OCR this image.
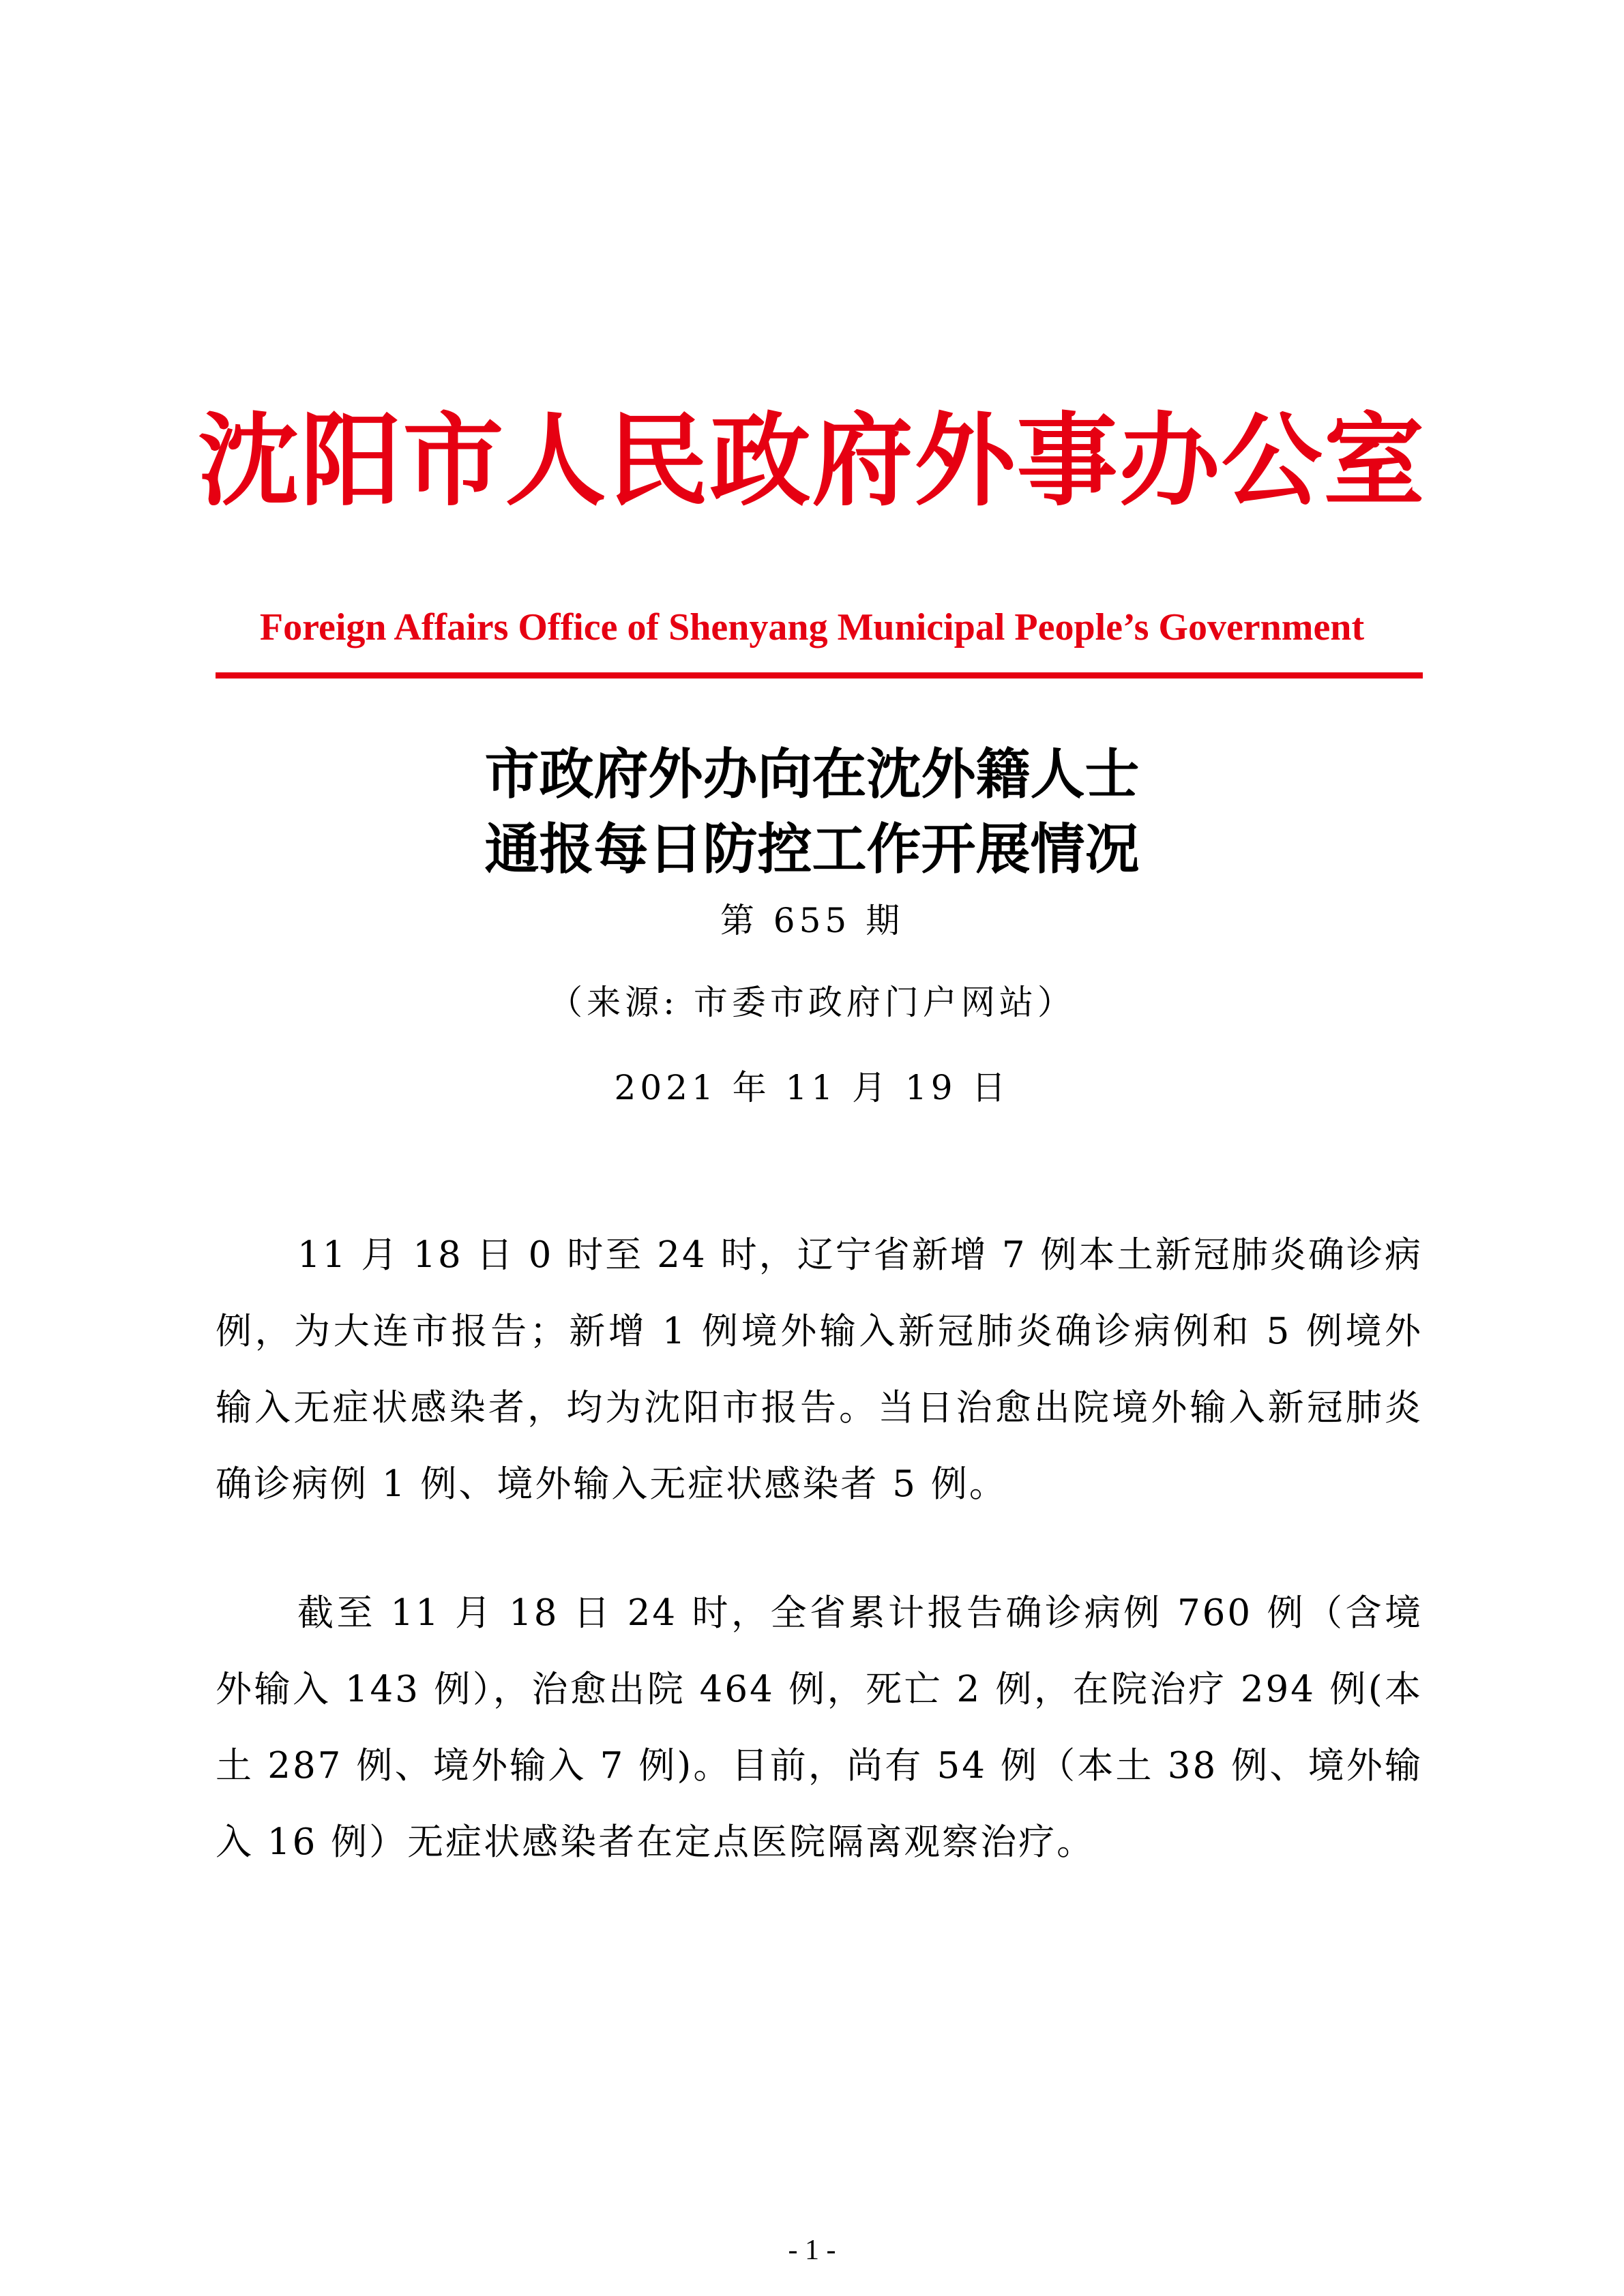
沈阳市人民政府外事办公室
Foreign Affairs Office of Shenyang Municipal People’s Government
市政府外办向在沈外籍人士
通报每日防控工作开展情况
第 655 期
（来源: 市委市政府门户网站）
2021 年 11 月 19 日

11 月 18 日 0 时至 24 时，辽宁省新增 7 例本土新冠肺炎确诊病例，为大连市报告；新增 1 例境外输入新冠肺炎确诊病例和 5 例境外输入无症状感染者，均为沈阳市报告。当日治愈出院境外输入新冠肺炎确诊病例 1 例、境外输入无症状感染者 5 例。

截至 11 月 18 日 24 时，全省累计报告确诊病例 760 例（含境外输入 143 例），治愈出院 464 例，死亡 2 例，在院治疗 294 例(本土 287 例、境外输入 7 例)。目前，尚有 54 例（本土 38 例、境外输入 16 例）无症状感染者在定点医院隔离观察治疗。

- 1 -
